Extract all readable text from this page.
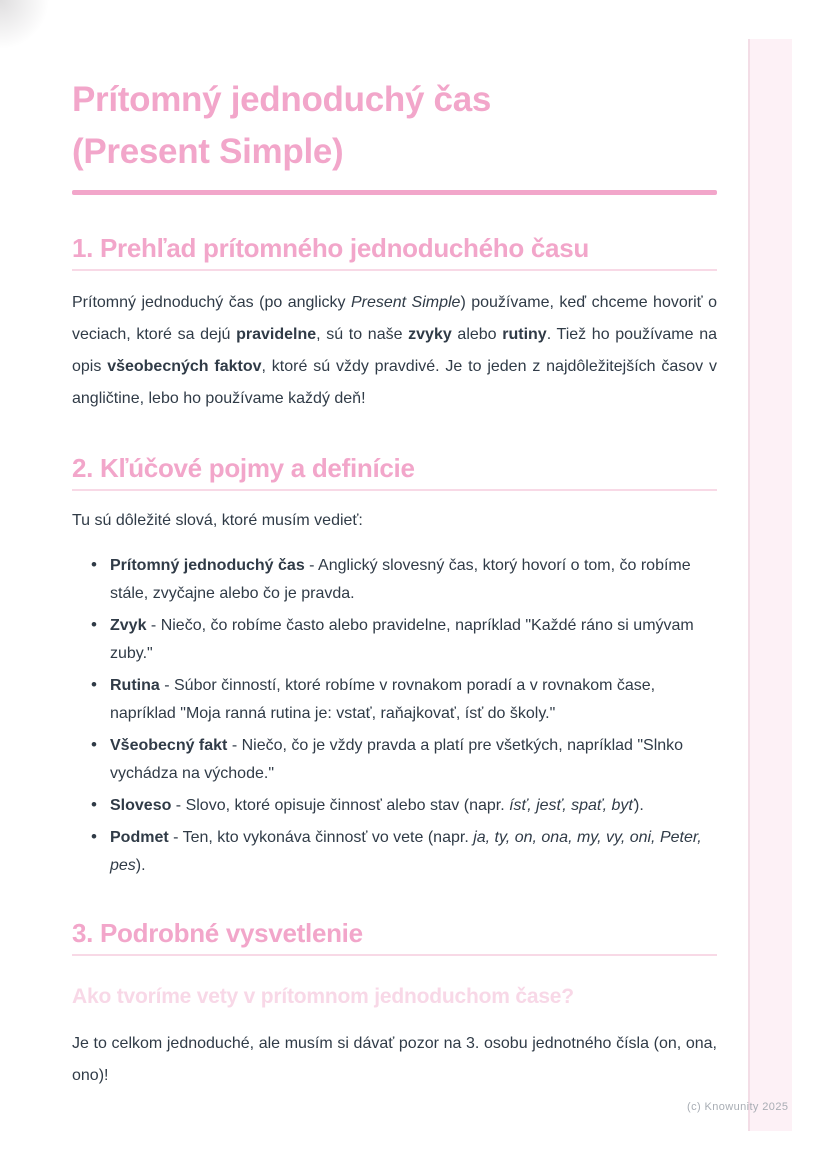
Prítomný jednoduchý čas (Present Simple)
1. Prehľad prítomného jednoduchého času

Prítomný jednoduchý čas (po anglicky Present Simple) používame, keď chceme hovoriť o veciach, ktoré sa dejú pravidelne, sú to naše zvyky alebo rutiny. Tiež ho používame na opis všeobecných faktov, ktoré sú vždy pravdivé. Je to jeden z najdôležitejších časov v angličtine, lebo ho používame každý deň!

2. Kľúčové pojmy a definície

Tu sú dôležité slová, ktoré musím vedieť:

• Prítomný jednoduchý čas - Anglický slovesný čas, ktorý hovorí o tom, čo robíme stále, zvyčajne alebo čo je pravda.
• Zvyk - Niečo, čo robíme často alebo pravidelne, napríklad "Každé ráno si umývam zuby."
• Rutina - Súbor činností, ktoré robíme v rovnakom poradí a v rovnakom čase, napríklad "Moja ranná rutina je: vstať, raňajkovať, ísť do školy."
• Všeobecný fakt - Niečo, čo je vždy pravda a platí pre všetkých, napríklad "Slnko vychádza na východe."
• Sloveso - Slovo, ktoré opisuje činnosť alebo stav (napr. ísť, jesť, spať, byť).
• Podmet - Ten, kto vykonáva činnosť vo vete (napr. ja, ty, on, ona, my, vy, oni, Peter, pes).
3. Podrobné vysvetlenie
Ako tvoríme vety v prítomnom jednoduchom čase?

Je to celkom jednoduché, ale musím si dávať pozor na 3. osobu jednotného čísla (on, ona, ono)!

(c) Knowunity 2025
